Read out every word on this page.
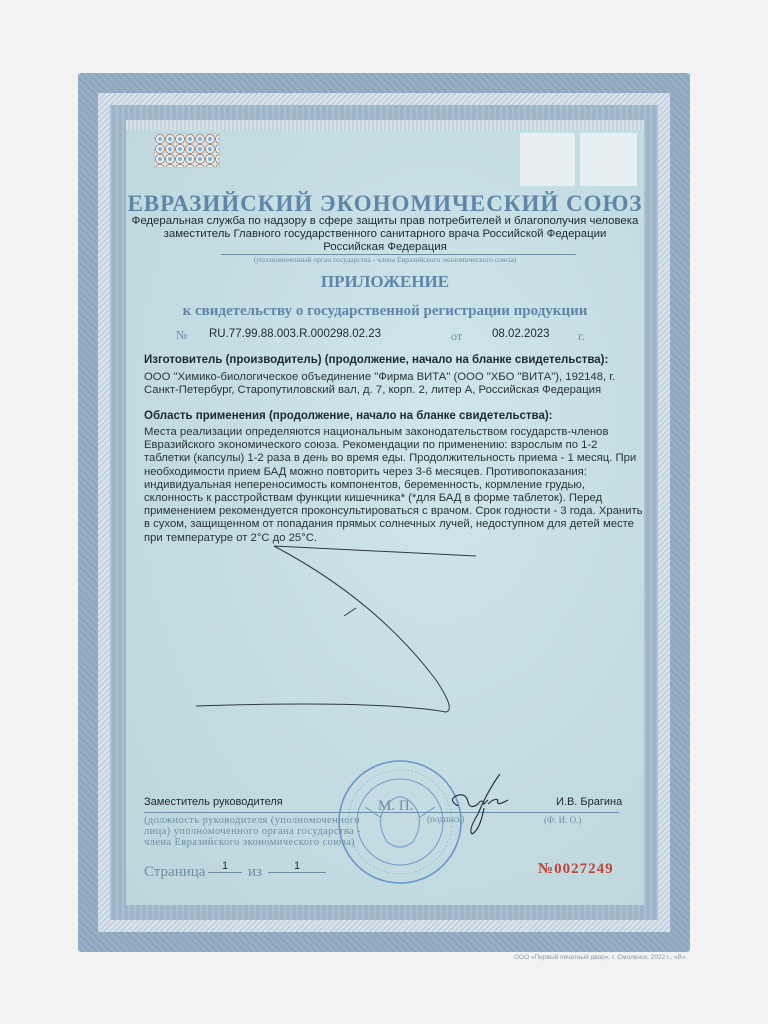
ЕВРАЗИЙСКИЙ ЭКОНОМИЧЕСКИЙ СОЮЗ
Федеральная служба по надзору в сфере защиты прав потребителей и благополучия человека
заместитель Главного государственного санитарного врача Российской Федерации
Российская Федерация
(уполномоченный орган государства - члена Евразийского экономического союза)
ПРИЛОЖЕНИЕ
к свидетельству о государственной регистрации продукции
№ RU.77.99.88.003.R.000298.02.23	от	08.02.2023 г.
Изготовитель (производитель) (продолжение, начало на бланке свидетельства):
ООО "Химико-биологическое объединение "Фирма ВИТА" (ООО "ХБО "ВИТА"), 192148, г. Санкт-Петербург, Старопутиловский вал, д. 7, корп. 2, литер А, Российская Федерация
Область применения (продолжение, начало на бланке свидетельства):
Места реализации определяются национальным законодательством государств-членов Евразийского экономического союза. Рекомендации по применению: взрослым по 1-2 таблетки (капсулы) 1-2 раза в день во время еды. Продолжительность приема - 1 месяц. При необходимости прием БАД можно повторить через 3-6 месяцев. Противопоказания: индивидуальная непереносимость компонентов, беременность, кормление грудью, склонность к расстройствам функции кишечника* (*для БАД в форме таблеток). Перед применением рекомендуется проконсультироваться с врачом. Срок годности - 3 года. Хранить в сухом, защищенном от попадания прямых солнечных лучей, недоступном для детей месте при температуре от 2°C до 25°C.
Заместитель руководителя	М. П.
(должность руководителя (уполномоченного лица) уполномоченного органа государства - члена Евразийского экономического союза)
(подпись)
И.В. Брагина
(Ф. И. О.)
Страница	1	из	1	№0027249
ООО «Первый печатный двор», г. Смоленск, 2022 г., «В».
